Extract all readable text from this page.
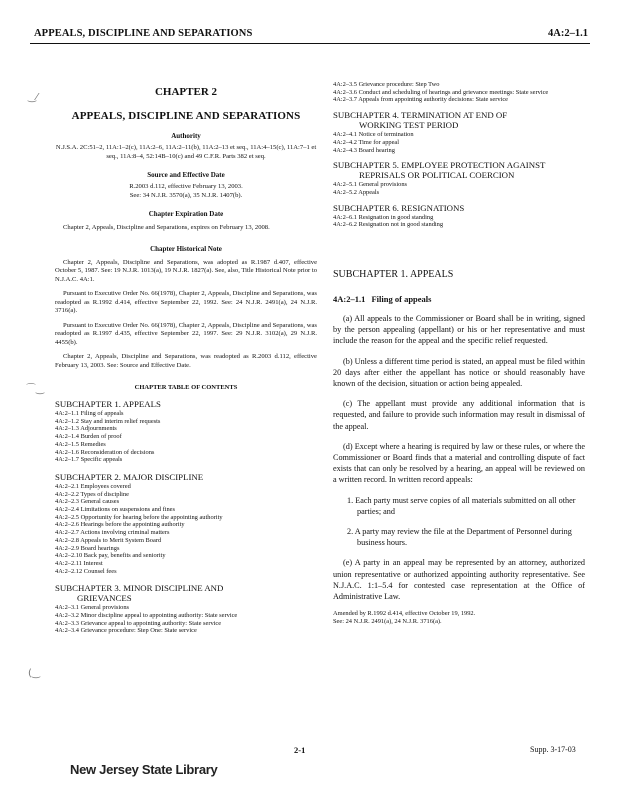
APPEALS, DISCIPLINE AND SEPARATIONS	4A:2–1.1
‿⁄
⌒‿
(‿
CHAPTER 2
APPEALS, DISCIPLINE AND SEPARATIONS
Authority
N.J.S.A. 2C:51–2, 11A:1–2(c), 11A:2–6, 11A:2–11(b), 11A:2–13 et seq., 11A:4–15(c), 11A:7–1 et seq., 11A:8–4, 52:14B–10(c) and 49 C.F.R. Parts 382 et seq.
Source and Effective Date
R.2003 d.112, effective February 13, 2003.
See: 34 N.J.R. 3570(a), 35 N.J.R. 1407(b).
Chapter Expiration Date
Chapter 2, Appeals, Discipline and Separations, expires on February 13, 2008.
Chapter Historical Note
Chapter 2, Appeals, Discipline and Separations, was adopted as R.1987 d.407, effective October 5, 1987. See: 19 N.J.R. 1013(a), 19 N.J.R. 1827(a). See, also, Title Historical Note prior to N.J.A.C. 4A:1.
Pursuant to Executive Order No. 66(1978), Chapter 2, Appeals, Discipline and Separations, was readopted as R.1992 d.414, effective September 22, 1992. See: 24 N.J.R. 2491(a), 24 N.J.R. 3716(a).
Pursuant to Executive Order No. 66(1978), Chapter 2, Appeals, Discipline and Separations, was readopted as R.1997 d.435, effective September 22, 1997. See: 29 N.J.R. 3102(a), 29 N.J.R. 4455(b).
Chapter 2, Appeals, Discipline and Separations, was readopted as R.2003 d.112, effective February 13, 2003. See: Source and Effective Date.
CHAPTER TABLE OF CONTENTS
SUBCHAPTER 1. APPEALS
4A:2–1.1 Filing of appeals
4A:2–1.2 Stay and interim relief requests
4A:2–1.3 Adjournments
4A:2–1.4 Burden of proof
4A:2–1.5 Remedies
4A:2–1.6 Reconsideration of decisions
4A:2–1.7 Specific appeals
SUBCHAPTER 2. MAJOR DISCIPLINE
4A:2–2.1 Employees covered
4A:2–2.2 Types of discipline
4A:2–2.3 General causes
4A:2–2.4 Limitations on suspensions and fines
4A:2–2.5 Opportunity for hearing before the appointing authority
4A:2–2.6 Hearings before the appointing authority
4A:2–2.7 Actions involving criminal matters
4A:2–2.8 Appeals to Merit System Board
4A:2–2.9 Board hearings
4A:2–2.10 Back pay, benefits and seniority
4A:2–2.11 Interest
4A:2–2.12 Counsel fees
SUBCHAPTER 3. MINOR DISCIPLINE AND
GRIEVANCES
4A:2–3.1 General provisions
4A:2–3.2 Minor discipline appeal to appointing authority: State service
4A:2–3.3 Grievance appeal to appointing authority: State service
4A:2–3.4 Grievance procedure: Step One: State service
4A:2–3.5 Grievance procedure: Step Two
4A:2–3.6 Conduct and scheduling of hearings and grievance meetings: State service
4A:2–3.7 Appeals from appointing authority decisions: State service
SUBCHAPTER 4. TERMINATION AT END OF
WORKING TEST PERIOD
4A:2–4.1 Notice of termination
4A:2–4.2 Time for appeal
4A:2–4.3 Board hearing
SUBCHAPTER 5. EMPLOYEE PROTECTION AGAINST
REPRISALS OR POLITICAL COERCION
4A:2–5.1 General provisions
4A:2–5.2 Appeals
SUBCHAPTER 6. RESIGNATIONS
4A:2–6.1 Resignation in good standing
4A:2–6.2 Resignation not in good standing
SUBCHAPTER 1. APPEALS
4A:2–1.1 Filing of appeals

(a) All appeals to the Commissioner or Board shall be in writing, signed by the person appealing (appellant) or his or her representative and must include the reason for the appeal and the specific relief requested.

(b) Unless a different time period is stated, an appeal must be filed within 20 days after either the appellant has notice or should reasonably have known of the decision, situation or action being appealed.

(c) The appellant must provide any additional information that is requested, and failure to provide such information may result in dismissal of the appeal.

(d) Except where a hearing is required by law or these rules, or where the Commissioner or Board finds that a material and controlling dispute of fact exists that can only be resolved by a hearing, an appeal will be reviewed on a written record. In written record appeals:

1. Each party must serve copies of all materials submitted on all other parties; and

2. A party may review the file at the Department of Personnel during business hours.

(e) A party in an appeal may be represented by an attorney, authorized union representative or authorized appointing authority representative. See N.J.A.C. 1:1–5.4 for contested case representation at the Office of Administrative Law.

Amended by R.1992 d.414, effective October 19, 1992.
See: 24 N.J.R. 2491(a), 24 N.J.R. 3716(a).
2-1	Supp. 3-17-03
New Jersey State Library
